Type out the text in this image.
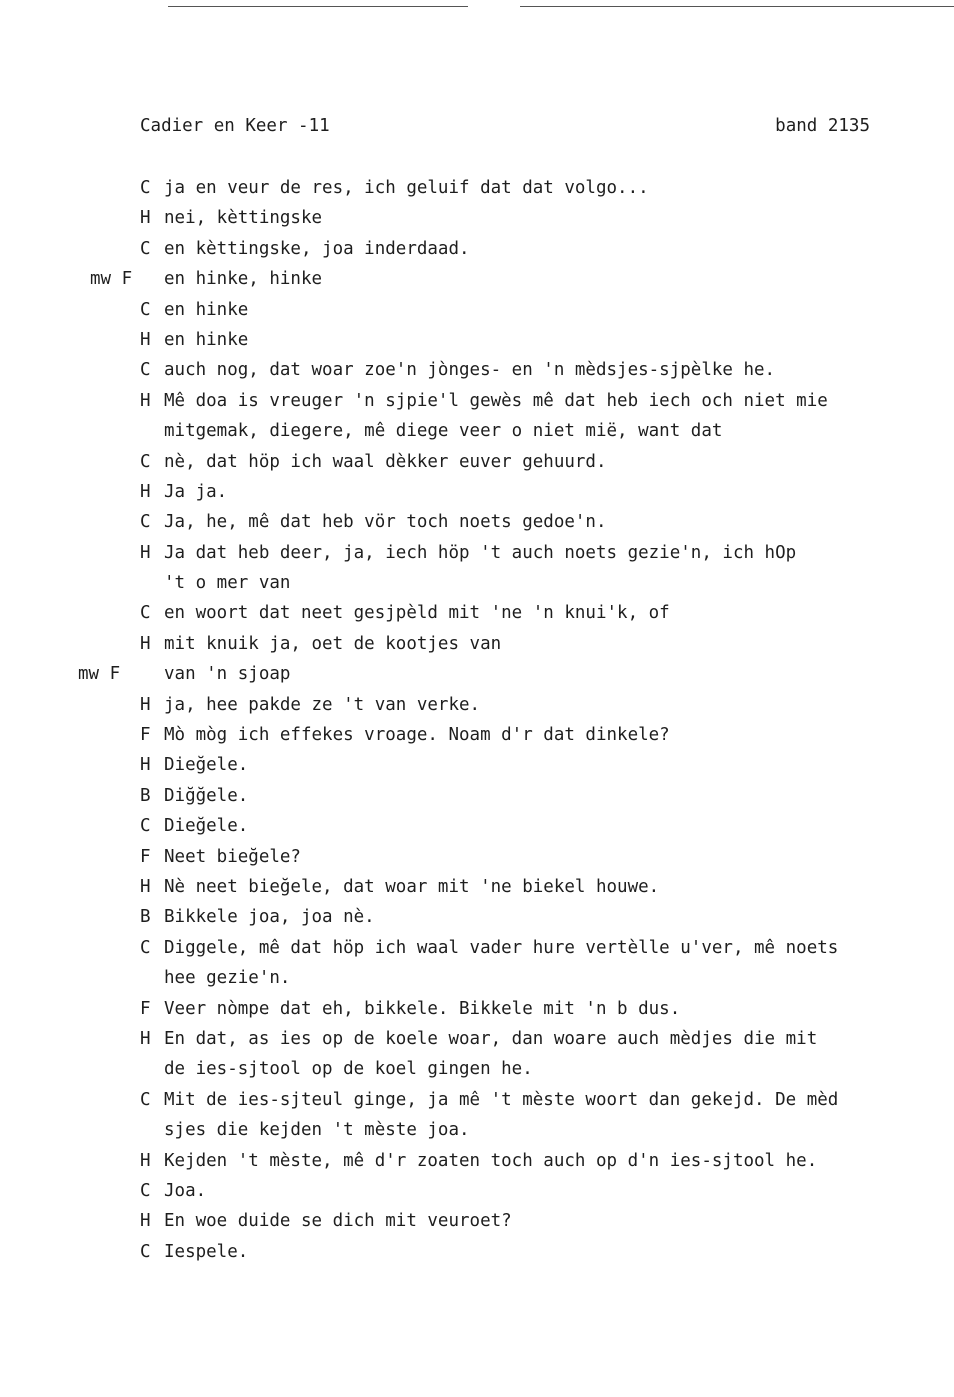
Cadier en Keer -11	band 2135
C ja en veur de res, ich geluif dat dat volgo...
H nei, kèttingske
C en kèttingske, joa inderdaad.
mw F en hinke, hinke
C en hinke
H en hinke
C auch nog, dat woar zoe'n jònges- en 'n mèdsjes-sjpèlke he.
H Mê doa is vreuger 'n sjpie'l gewès mê dat heb iech och niet mie
mitgemak, diegere, mê diege veer o niet mië, want dat
C nè, dat höp ich waal dèkker euver gehuurd.
H Ja ja.
C Ja, he, mê dat heb vör toch noets gedoe'n.
H Ja dat heb deer, ja, iech höp 't auch noets gezie'n, ich hOp
't o mer van
C en woort dat neet gesjpèld mit 'ne 'n knui'k, of
H mit knuik ja, oet de kootjes van
mw F	van 'n sjoap
H ja, hee pakde ze 't van verke.
F Mò mòg ich effekes vroage. Noam d'r dat dinkele?
H Dieğele.
B Diğğele.
C Dieğele.
F Neet bieğele?
H Nè neet bieğele, dat woar mit 'ne biekel houwe.
B Bikkele joa, joa nè.
C Diggele, mê dat höp ich waal vader hure vertèlle u'ver, mê noets
hee gezie'n.
F Veer nòmpe dat eh, bikkele. Bikkele mit 'n b dus.
H En dat, as ies op de koele woar, dan woare auch mèdjes die mit
de ies-sjtool op de koel gingen he.
C Mit de ies-sjteul ginge, ja mê 't mèste woort dan gekejd. De mèd
sjes die kejden 't mèste joa.
H Kejden 't mèste, mê d'r zoaten toch auch op d'n ies-sjtool he.
C Joa.
H En woe duide se dich mit veuroet?
C Iespele.
